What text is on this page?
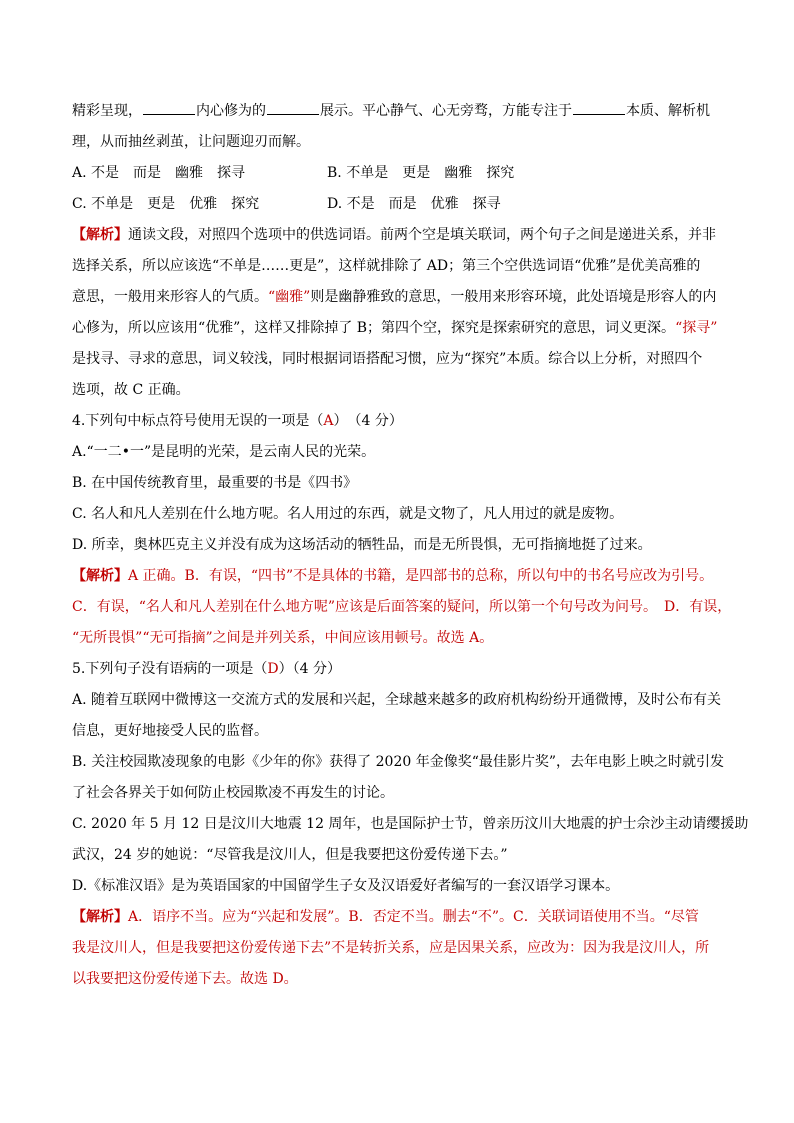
精彩呈现，	内心修为的	展示。平心静气、心无旁骛，方能专注于	本质、解析机
理，从而抽丝剥茧，让问题迎刃而解。
A. 不是　而是　幽雅　探寻	B. 不单是　更是　幽雅　探究
C. 不单是　更是　优雅　探究	D. 不是　而是　优雅　探寻
【解析】通读文段，对照四个选项中的供选词语。前两个空是填关联词，两个句子之间是递进关系，并非
选择关系，所以应该选“不单是……更是”，这样就排除了 AD；第三个空供选词语“优雅”是优美高雅的
意思，一般用来形容人的气质。“幽雅”则是幽静雅致的意思，一般用来形容环境，此处语境是形容人的内
心修为，所以应该用“优雅”，这样又排除掉了 B；第四个空，探究是探索研究的意思，词义更深。“探寻”
是找寻、寻求的意思，词义较浅，同时根据词语搭配习惯，应为“探究”本质。综合以上分析，对照四个
选项，故 C 正确。
4.下列句中标点符号使用无误的一项是（A）　（4 分）
A.“一二•一”是昆明的光荣，是云南人民的光荣。
B. 在中国传统教育里，最重要的书是《四书》
C. 名人和凡人差别在什么地方呢。名人用过的东西，就是文物了，凡人用过的就是废物。
D. 所幸，奥林匹克主义并没有成为这场活动的牺牲品，而是无所畏惧，无可指摘地挺了过来。
【解析】A 正确。B．有误，“四书”不是具体的书籍，是四部书的总称，所以句中的书名号应改为引号。
C．有误，“名人和凡人差别在什么地方呢”应该是后面答案的疑问，所以第一个句号改为问号。　D．有误，
“无所畏惧”“无可指摘”之间是并列关系，中间应该用顿号。故选 A。
5.下列句子没有语病的一项是（D）（4 分）
A. 随着互联网中微博这一交流方式的发展和兴起，全球越来越多的政府机构纷纷开通微博，及时公布有关
信息，更好地接受人民的监督。
B. 关注校园欺凌现象的电影《少年的你》获得了 2020 年金像奖“最佳影片奖”，去年电影上映之时就引发
了社会各界关于如何防止校园欺凌不再发生的讨论。
C. 2020 年 5 月 12 日是汶川大地震 12 周年，也是国际护士节，曾亲历汶川大地震的护士佘沙主动请缨援助
武汉，24 岁的她说：“尽管我是汶川人，但是我要把这份爱传递下去。”
D.《标准汉语》是为英语国家的中国留学生子女及汉语爱好者编写的一套汉语学习课本。
【解析】A．语序不当。应为“兴起和发展”。B．否定不当。删去“不”。C．关联词语使用不当。“尽管
我是汶川人，但是我要把这份爱传递下去”不是转折关系，应是因果关系，应改为：因为我是汶川人，所
以我要把这份爱传递下去。故选 D。
